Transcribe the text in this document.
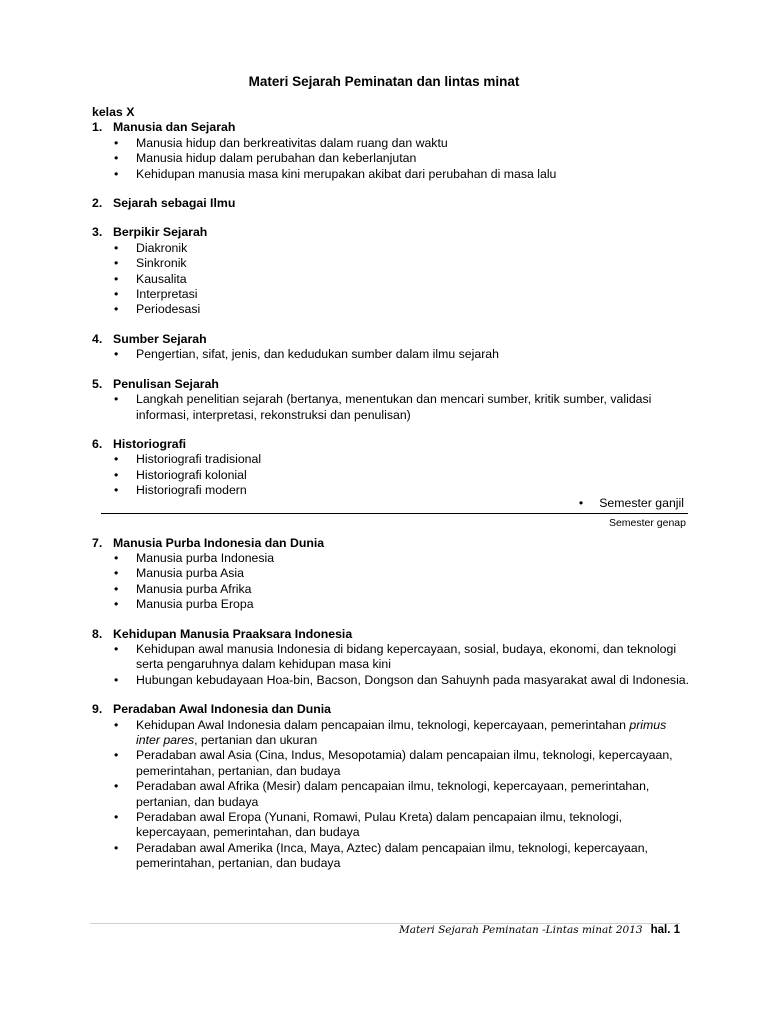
Materi Sejarah Peminatan dan lintas minat
kelas X
1. Manusia dan Sejarah
• Manusia hidup dan berkreativitas dalam ruang dan waktu
• Manusia hidup dalam perubahan dan keberlanjutan
• Kehidupan manusia masa kini merupakan akibat dari perubahan di masa lalu
2. Sejarah sebagai Ilmu
3. Berpikir Sejarah
• Diakronik
• Sinkronik
• Kausalita
• Interpretasi
• Periodesasi
4. Sumber Sejarah
• Pengertian, sifat, jenis, dan kedudukan sumber dalam ilmu sejarah
5. Penulisan Sejarah
• Langkah penelitian sejarah (bertanya, menentukan dan mencari sumber, kritik sumber, validasi informasi, interpretasi, rekonstruksi dan penulisan)
6. Historiografi
• Historiografi tradisional
• Historiografi kolonial
• Historiografi modern
• Semester ganjil
Semester genap
7. Manusia Purba Indonesia dan Dunia
• Manusia purba Indonesia
• Manusia purba Asia
• Manusia purba Afrika
• Manusia purba Eropa
8. Kehidupan Manusia Praaksara Indonesia
• Kehidupan awal manusia Indonesia di bidang kepercayaan, sosial, budaya, ekonomi, dan teknologi serta pengaruhnya dalam kehidupan masa kini
• Hubungan kebudayaan Hoa-bin, Bacson, Dongson dan Sahuynh pada masyarakat awal di Indonesia.
9. Peradaban Awal Indonesia dan Dunia
• Kehidupan Awal Indonesia dalam pencapaian ilmu, teknologi, kepercayaan, pemerintahan primus inter pares, pertanian dan ukuran
• Peradaban awal Asia (Cina, Indus, Mesopotamia) dalam pencapaian ilmu, teknologi, kepercayaan, pemerintahan, pertanian, dan budaya
• Peradaban awal Afrika (Mesir) dalam pencapaian ilmu, teknologi, kepercayaan, pemerintahan, pertanian, dan budaya
• Peradaban awal Eropa (Yunani, Romawi, Pulau Kreta) dalam pencapaian ilmu, teknologi, kepercayaan, pemerintahan, dan budaya
• Peradaban awal Amerika (Inca, Maya, Aztec) dalam pencapaian ilmu, teknologi, kepercayaan, pemerintahan, pertanian, dan budaya
Materi Sejarah Peminatan -Lintas minat 2013 hal. 1
